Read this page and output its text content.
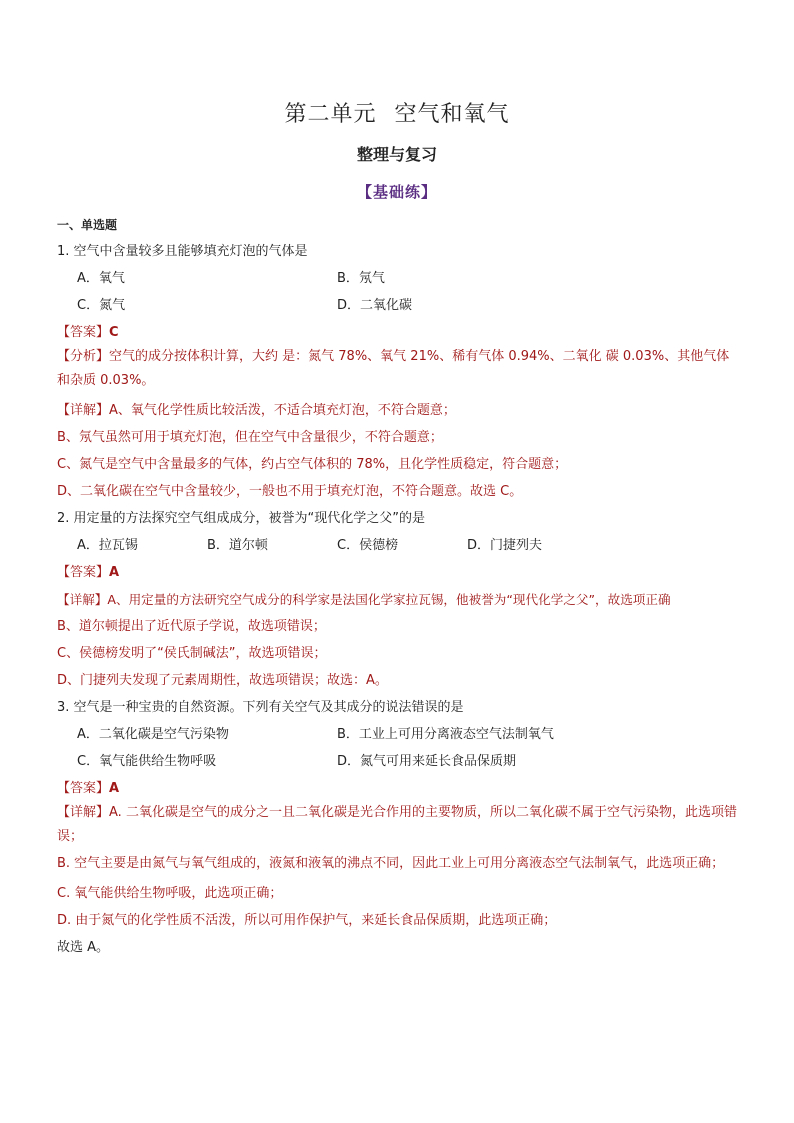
第二单元 空气和氧气
整理与复习
【基础练】
一、单选题
1. 空气中含量较多且能够填充灯泡的气体是
A．氧气	B．氖气
C．氮气	D．二氧化碳
【答案】C
【分析】空气的成分按体积计算，大约 是：氮气 78%、氧气 21%、稀有气体 0.94%、二氧化 碳 0.03%、其他气体和杂质 0.03%。
【详解】A、氧气化学性质比较活泼，不适合填充灯泡，不符合题意；
B、氖气虽然可用于填充灯泡，但在空气中含量很少，不符合题意；
C、氮气是空气中含量最多的气体，约占空气体积的 78%，且化学性质稳定，符合题意；
D、二氧化碳在空气中含量较少，一般也不用于填充灯泡，不符合题意。故选 C。
2. 用定量的方法探究空气组成成分，被誉为“现代化学之父”的是
A．拉瓦锡	B．道尔顿	C．侯德榜	D．门捷列夫
【答案】A
【详解】A、用定量的方法研究空气成分的科学家是法国化学家拉瓦锡，他被誉为“现代化学之父”，故选项正确
B、道尔顿提出了近代原子学说，故选项错误；
C、侯德榜发明了“侯氏制碱法”，故选项错误；
D、门捷列夫发现了元素周期性，故选项错误；故选：A。
3. 空气是一种宝贵的自然资源。下列有关空气及其成分的说法错误的是
A．二氧化碳是空气污染物	B．工业上可用分离液态空气法制氧气
C．氧气能供给生物呼吸	D．氮气可用来延长食品保质期
【答案】A
【详解】A. 二氧化碳是空气的成分之一且二氧化碳是光合作用的主要物质，所以二氧化碳不属于空气污染物，此选项错误；
B. 空气主要是由氮气与氧气组成的，液氮和液氧的沸点不同，因此工业上可用分离液态空气法制氧气，此选项正确；
C. 氧气能供给生物呼吸，此选项正确；
D. 由于氮气的化学性质不活泼，所以可用作保护气，来延长食品保质期，此选项正确；
故选 A。
